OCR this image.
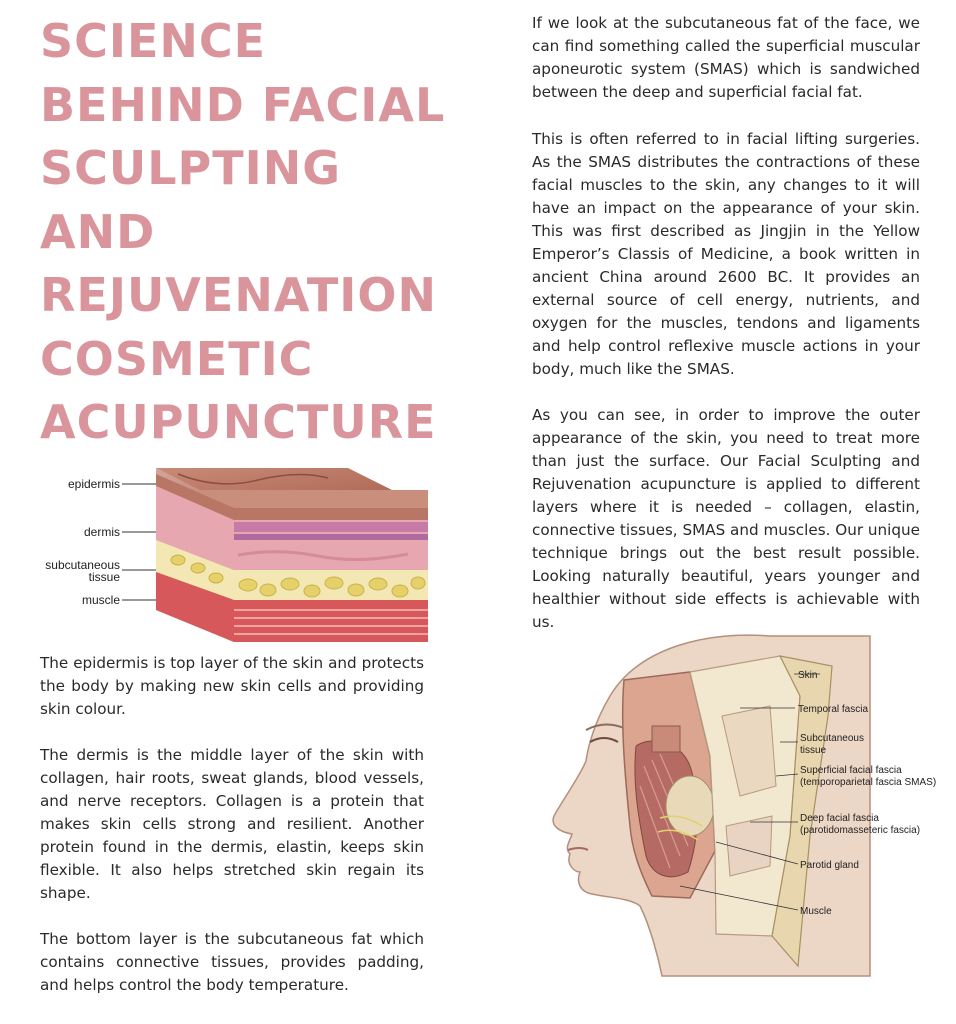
SCIENCE
BEHIND FACIAL
SCULPTING
AND
REJUVENATION
COSMETIC
ACUPUNCTURE

If we look at the subcutaneous fat of the face, we can find something called the superficial muscular aponeurotic system (SMAS) which is sandwiched between the deep and superficial facial fat.

This is often referred to in facial lifting surgeries. As the SMAS distributes the contractions of these facial muscles to the skin, any changes to it will have an impact on the appearance of your skin. This was first described as Jingjin in the Yellow Emperor’s Classis of Medicine, a book written in ancient China around 2600 BC. It provides an external source of cell energy, nutrients, and oxygen for the muscles, tendons and ligaments and help control reflexive muscle actions in your body, much like the SMAS.

As you can see, in order to improve the outer appearance of the skin, you need to treat more than just the surface. Our Facial Sculpting and Rejuvenation acupuncture is applied to different layers where it is needed – collagen, elastin, connective tissues, SMAS and muscles. Our unique technique brings out the best result possible. Looking naturally beautiful, years younger and healthier without side effects is achievable with us.

epidermis
dermis
subcutaneous
tissue
muscle

The epidermis is top layer of the skin and protects the body by making new skin cells and providing skin colour.

The dermis is the middle layer of the skin with collagen, hair roots, sweat glands, blood vessels, and nerve receptors. Collagen is a protein that makes skin cells strong and resilient. Another protein found in the dermis, elastin, keeps skin flexible. It also helps stretched skin regain its shape.

The bottom layer is the subcutaneous fat which contains connective tissues, provides padding, and helps control the body temperature.

Skin
Temporal fascia
Subcutaneous
tissue
Superficial facial fascia
(temporoparietal fascia SMAS)
Deep facial fascia
(parotidomasseteric fascia)
Parotid gland
Muscle
